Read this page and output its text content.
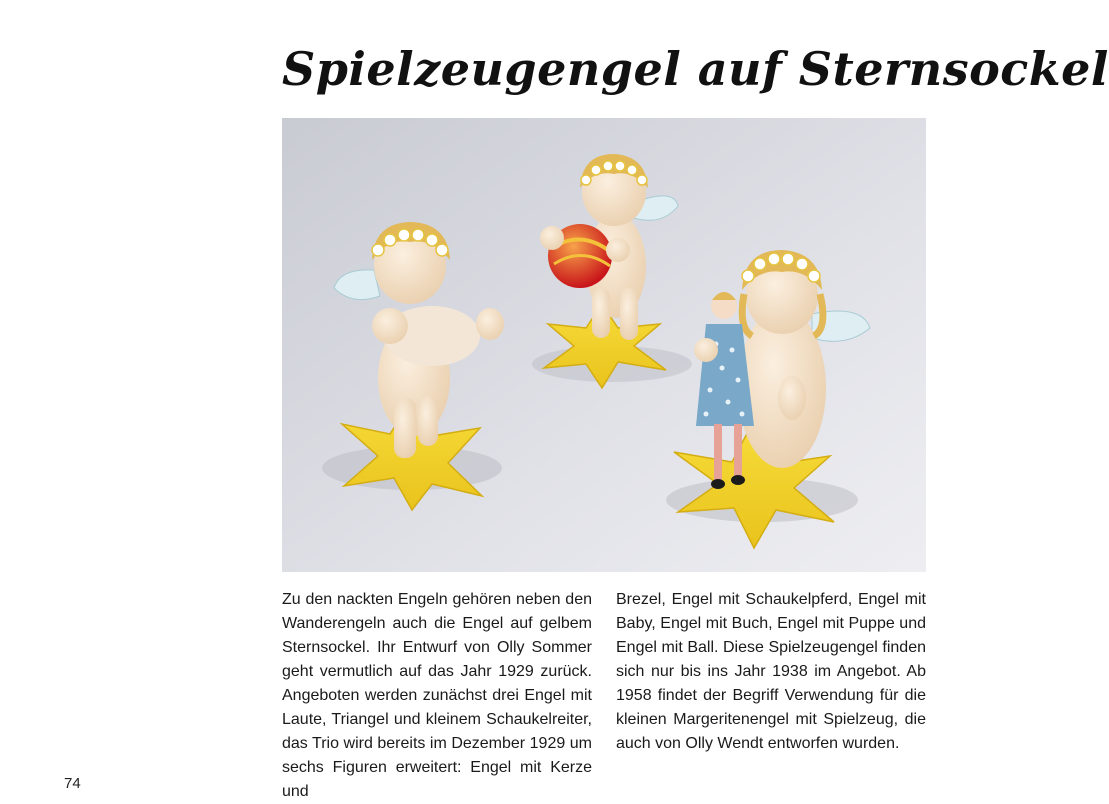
Spielzeugengel auf Sternsockel

Zu den nackten Engeln gehören neben den Wanderengeln auch die Engel auf gelbem Sternsockel. Ihr Entwurf von Olly Sommer geht vermutlich auf das Jahr 1929 zurück. Angeboten werden zunächst drei Engel mit Laute, Triangel und kleinem Schaukelreiter, das Trio wird bereits im Dezember 1929 um sechs Figuren erweitert: Engel mit Kerze und

Brezel, Engel mit Schaukelpferd, Engel mit Baby, Engel mit Buch, Engel mit Puppe und Engel mit Ball. Diese Spielzeugengel finden sich nur bis ins Jahr 1938 im Angebot. Ab 1958 findet der Begriff Verwendung für die kleinen Margeritenengel mit Spielzeug, die auch von Olly Wendt entworfen wurden.

74
